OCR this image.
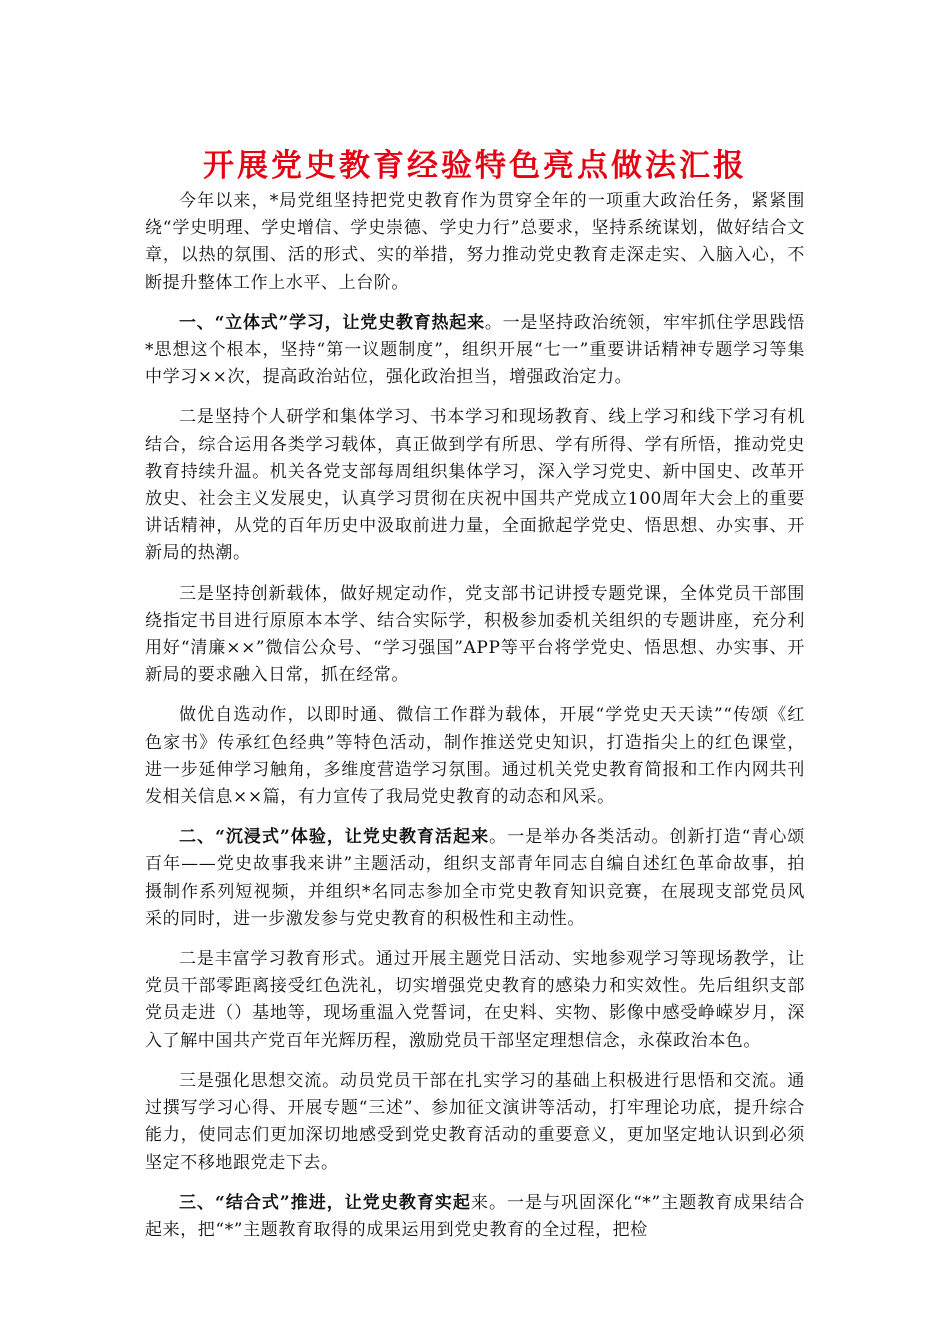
开展党史教育经验特色亮点做法汇报

今年以来，*局党组坚持把党史教育作为贯穿全年的一项重大政治任务，紧紧围绕“学史明理、学史增信、学史崇德、学史力行”总要求，坚持系统谋划，做好结合文章，以热的氛围、活的形式、实的举措，努力推动党史教育走深走实、入脑入心，不断提升整体工作上水平、上台阶。

一、“立体式”学习，让党史教育热起来。一是坚持政治统领，牢牢抓住学思践悟*思想这个根本，坚持“第一议题制度”，组织开展“七一”重要讲话精神专题学习等集中学习××次，提高政治站位，强化政治担当，增强政治定力。

二是坚持个人研学和集体学习、书本学习和现场教育、线上学习和线下学习有机结合，综合运用各类学习载体，真正做到学有所思、学有所得、学有所悟，推动党史教育持续升温。机关各党支部每周组织集体学习，深入学习党史、新中国史、改革开放史、社会主义发展史，认真学习贯彻在庆祝中国共产党成立100周年大会上的重要讲话精神，从党的百年历史中汲取前进力量，全面掀起学党史、悟思想、办实事、开新局的热潮。

三是坚持创新载体，做好规定动作，党支部书记讲授专题党课，全体党员干部围绕指定书目进行原原本本学、结合实际学，积极参加委机关组织的专题讲座，充分利用好“清廉××”微信公众号、“学习强国”APP等平台将学党史、悟思想、办实事、开新局的要求融入日常，抓在经常。

做优自选动作，以即时通、微信工作群为载体，开展“学党史天天读”“传颂《红色家书》传承红色经典”等特色活动，制作推送党史知识，打造指尖上的红色课堂，进一步延伸学习触角，多维度营造学习氛围。通过机关党史教育简报和工作内网共刊发相关信息××篇，有力宣传了我局党史教育的动态和风采。

二、“沉浸式”体验，让党史教育活起来。一是举办各类活动。创新打造“青心颂百年——党史故事我来讲”主题活动，组织支部青年同志自编自述红色革命故事，拍摄制作系列短视频，并组织*名同志参加全市党史教育知识竞赛，在展现支部党员风采的同时，进一步激发参与党史教育的积极性和主动性。

二是丰富学习教育形式。通过开展主题党日活动、实地参观学习等现场教学，让党员干部零距离接受红色洗礼，切实增强党史教育的感染力和实效性。先后组织支部党员走进（）基地等，现场重温入党誓词，在史料、实物、影像中感受峥嵘岁月，深入了解中国共产党百年光辉历程，激励党员干部坚定理想信念，永葆政治本色。

三是强化思想交流。动员党员干部在扎实学习的基础上积极进行思悟和交流。通过撰写学习心得、开展专题“三述”、参加征文演讲等活动，打牢理论功底，提升综合能力，使同志们更加深切地感受到党史教育活动的重要意义，更加坚定地认识到必须坚定不移地跟党走下去。

三、“结合式”推进，让党史教育实起来。一是与巩固深化“*”主题教育成果结合起来，把“*”主题教育取得的成果运用到党史教育的全过程，把检
